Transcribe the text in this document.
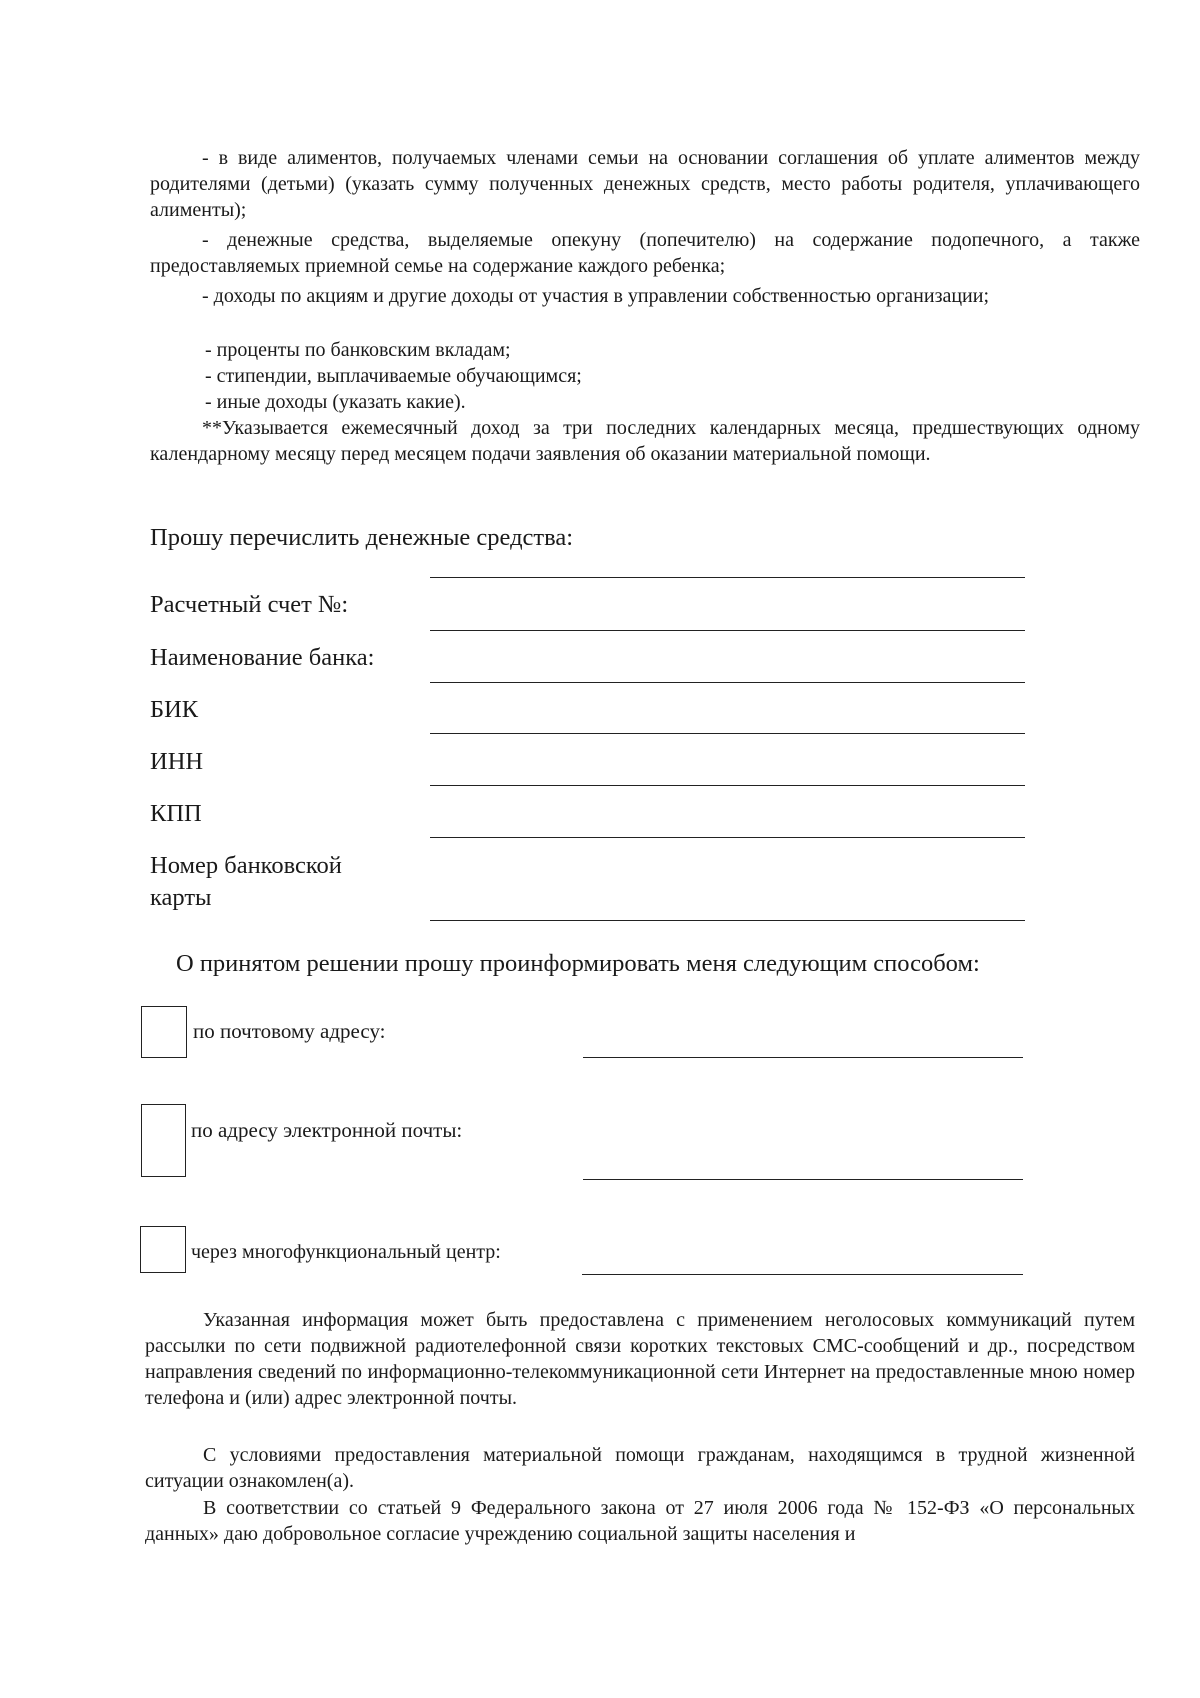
- в виде алиментов, получаемых членами семьи на основании соглашения об уплате алиментов между родителями (детьми) (указать сумму полученных денежных средств, место работы родителя, уплачивающего алименты);
- денежные средства, выделяемые опекуну (попечителю) на содержание подопечного, а также предоставляемых приемной семье на содержание каждого ребенка;
- доходы по акциям и другие доходы от участия в управлении собственностью организации;
- проценты по банковским вкладам;
- стипендии, выплачиваемые обучающимся;
- иные доходы (указать какие).
**Указывается ежемесячный доход за три последних календарных месяца, предшествующих одному календарному месяцу перед месяцем подачи заявления об оказании материальной помощи.
Прошу перечислить денежные средства:
Расчетный счет №:
Наименование банка:
БИК
ИНН
КПП
Номер банковской карты
О принятом решении прошу проинформировать меня следующим способом:
по почтовому адресу:
по адресу электронной почты:
через многофункциональный центр:
Указанная информация может быть предоставлена с применением неголосовых коммуникаций путем рассылки по сети подвижной радиотелефонной связи коротких текстовых СМС-сообщений и др., посредством направления сведений по информационно-телекоммуникационной сети Интернет на предоставленные мною номер телефона и (или) адрес электронной почты.
С условиями предоставления материальной помощи гражданам, находящимся в трудной жизненной ситуации ознакомлен(а).
В соответствии со статьей 9 Федерального закона от 27 июля 2006 года № 152-ФЗ «О персональных данных» даю добровольное согласие учреждению социальной защиты населения и
